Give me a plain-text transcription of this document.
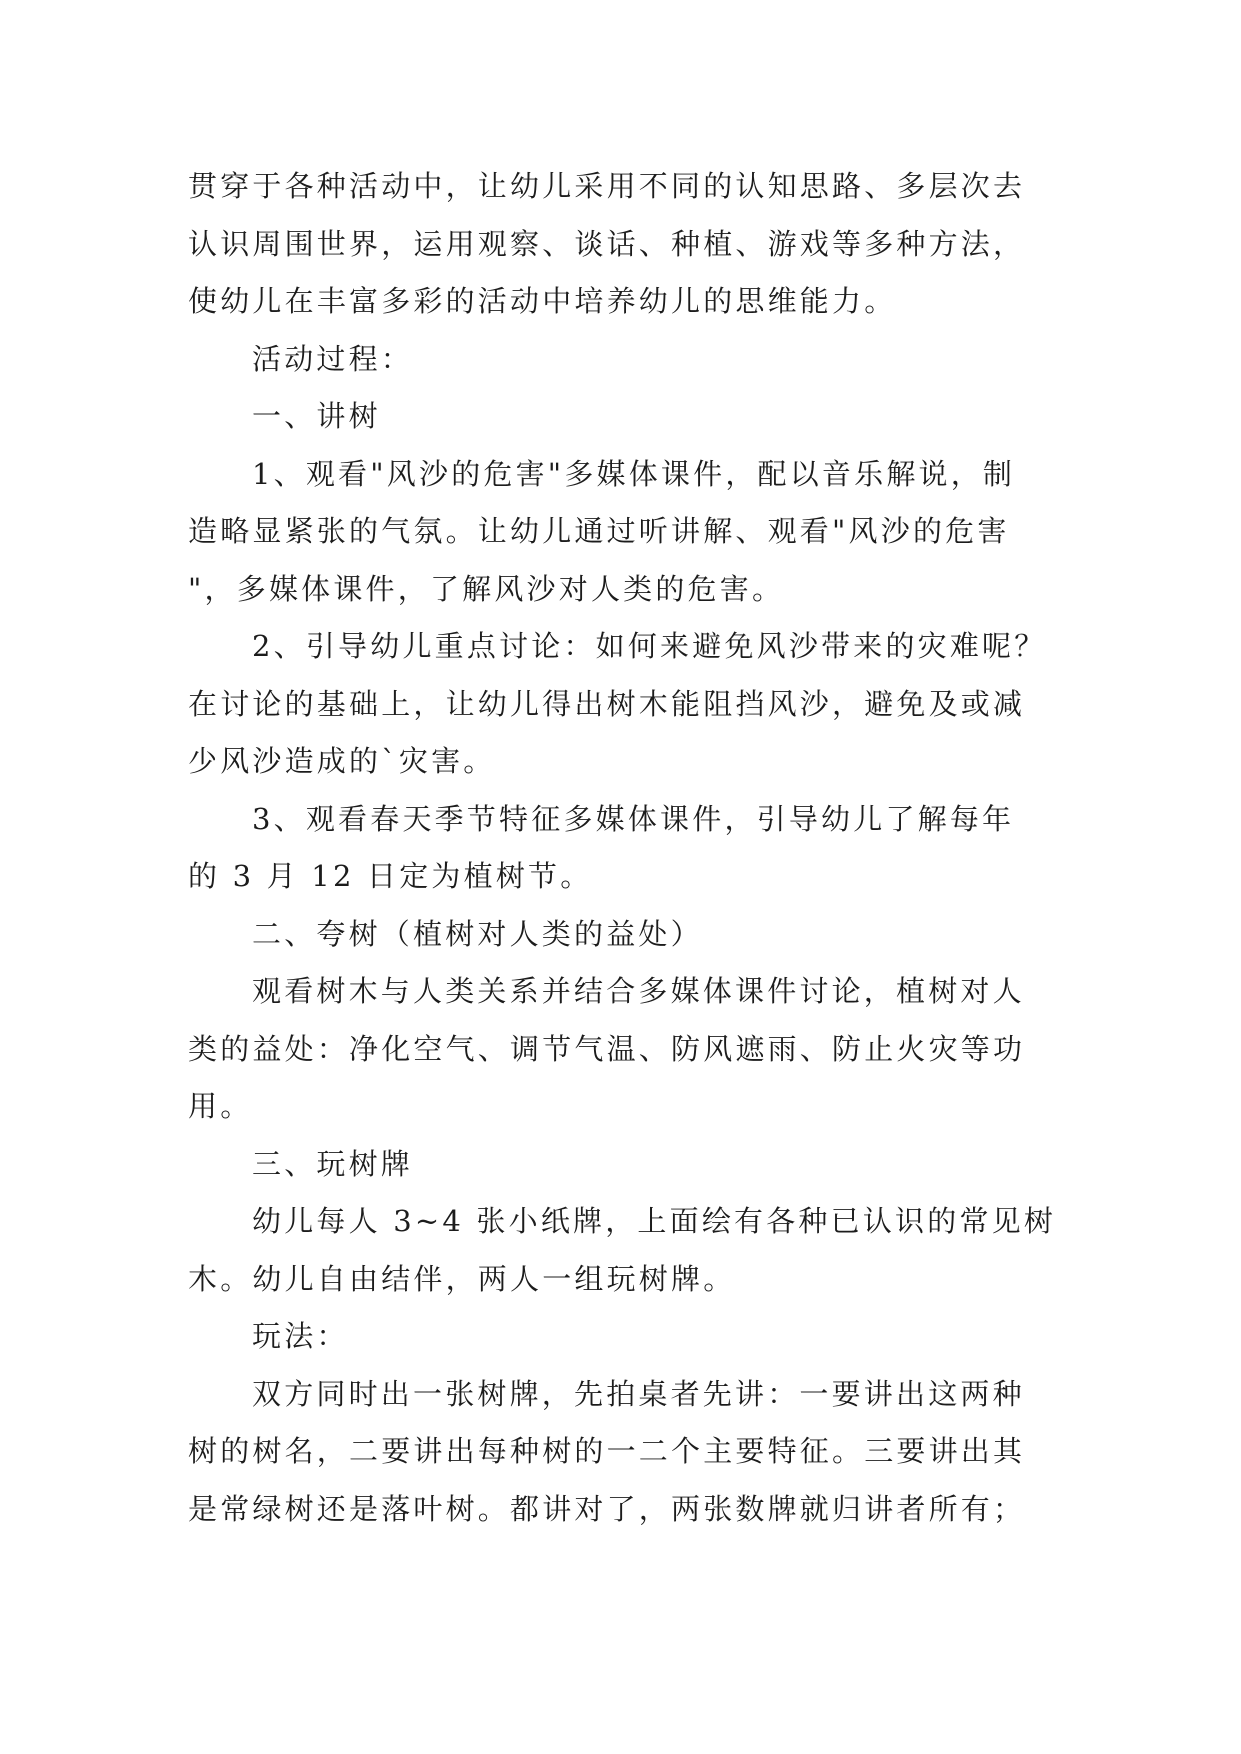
贯穿于各种活动中，让幼儿采用不同的认知思路、多层次去
认识周围世界，运用观察、谈话、种植、游戏等多种方法，
使幼儿在丰富多彩的活动中培养幼儿的思维能力。
活动过程：
一、讲树
1、观看"风沙的危害"多媒体课件，配以音乐解说，制
造略显紧张的气氛。让幼儿通过听讲解、观看"风沙的危害
"，多媒体课件，了解风沙对人类的危害。
2、引导幼儿重点讨论：如何来避免风沙带来的灾难呢？
在讨论的基础上，让幼儿得出树木能阻挡风沙，避免及或减
少风沙造成的`灾害。
3、观看春天季节特征多媒体课件，引导幼儿了解每年
的 3 月 12 日定为植树节。
二、夸树（植树对人类的益处）
观看树木与人类关系并结合多媒体课件讨论，植树对人
类的益处：净化空气、调节气温、防风遮雨、防止火灾等功
用。
三、玩树牌
幼儿每人 3~4 张小纸牌，上面绘有各种已认识的常见树
木。幼儿自由结伴，两人一组玩树牌。
玩法：
双方同时出一张树牌，先拍桌者先讲：一要讲出这两种
树的树名，二要讲出每种树的一二个主要特征。三要讲出其
是常绿树还是落叶树。都讲对了，两张数牌就归讲者所有；
